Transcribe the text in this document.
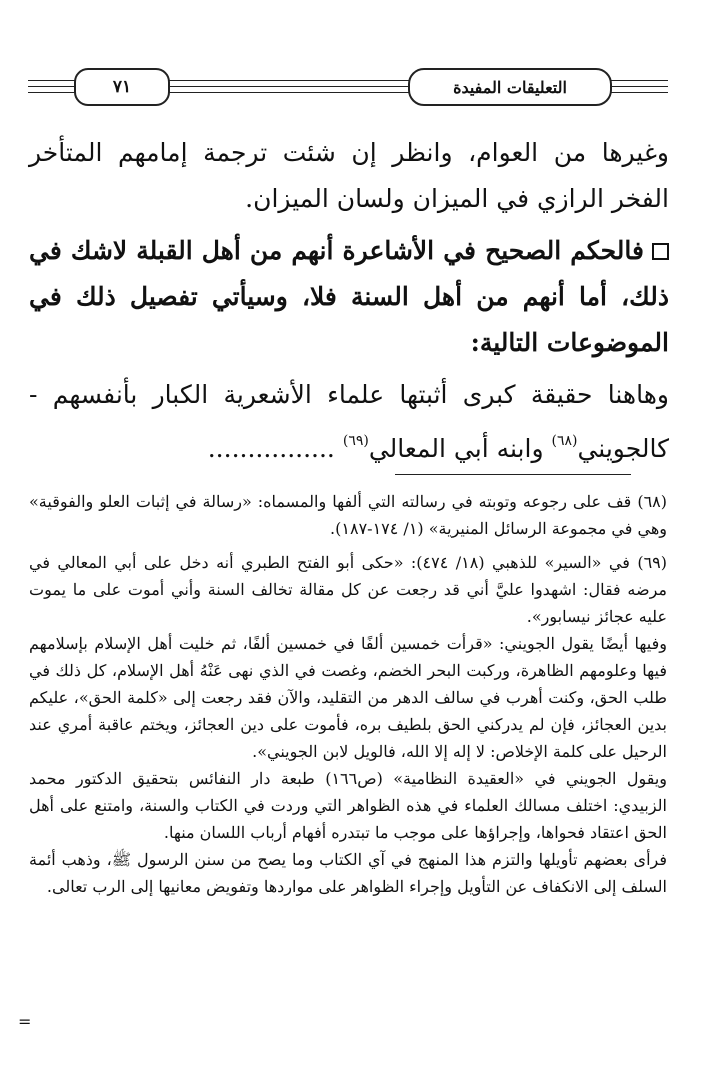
٧١	التعليقات المفيدة
وغيرها من العوام، وانظر إن شئت ترجمة إمامهم المتأخر الفخر الرازي في الميزان ولسان الميزان.
فالحكم الصحيح في الأشاعرة أنهم من أهل القبلة لاشك في ذلك، أما أنهم من أهل السنة فلا، وسيأتي تفصيل ذلك في الموضوعات التالية:
وهاهنا حقيقة كبرى أثبتها علماء الأشعرية الكبار بأنفسهم - كالجويني$^{(٦٨)}$ وابنه أبي المعالي$^{(٦٩)}$ ................
(٦٨) قف على رجوعه وتوبته في رسالته التي ألفها والمسماه: «رسالة في إثبات العلو والفوقية» وهي في مجموعة الرسائل المنيرية» (١/ ١٧٤-١٨٧).

(٦٩) في «السير» للذهبي (١٨/ ٤٧٤): «حكى أبو الفتح الطبري أنه دخل على أبي المعالي في مرضه فقال: اشهدوا عليَّ أني قد رجعت عن كل مقالة تخالف السنة وأني أموت على ما يموت عليه عجائز نيسابور».

وفيها أيضًا يقول الجويني: «قرأت خمسين ألفًا في خمسين ألفًا، ثم خليت أهل الإسلام بإسلامهم فيها وعلومهم الظاهرة، وركبت البحر الخضم، وغصت في الذي نهى عَنْهُ أهل الإسلام، كل ذلك في طلب الحق، وكنت أهرب في سالف الدهر من التقليد، والآن فقد رجعت إلى «كلمة الحق»، عليكم بدين العجائز، فإن لم يدركني الحق بلطيف بره، فأموت على دين العجائز، ويختم عاقبة أمري عند الرحيل على كلمة الإخلاص: لا إله إلا الله، فالويل لابن الجويني».

ويقول الجويني في «العقيدة النظامية» (ص١٦٦) طبعة دار النفائس بتحقيق الدكتور محمد الزبيدي: اختلف مسالك العلماء في هذه الظواهر التي وردت في الكتاب والسنة، وامتنع على أهل الحق اعتقاد فحواها، وإجراؤها على موجب ما تبتدره أفهام أرباب اللسان منها.

فرأى بعضهم تأويلها والتزم هذا المنهج في آي الكتاب وما يصح من سنن الرسول ﷺ، وذهب أئمة السلف إلى الانكفاف عن التأويل وإجراء الظواهر على مواردها وتفويض معانيها إلى الرب تعالى.

=
